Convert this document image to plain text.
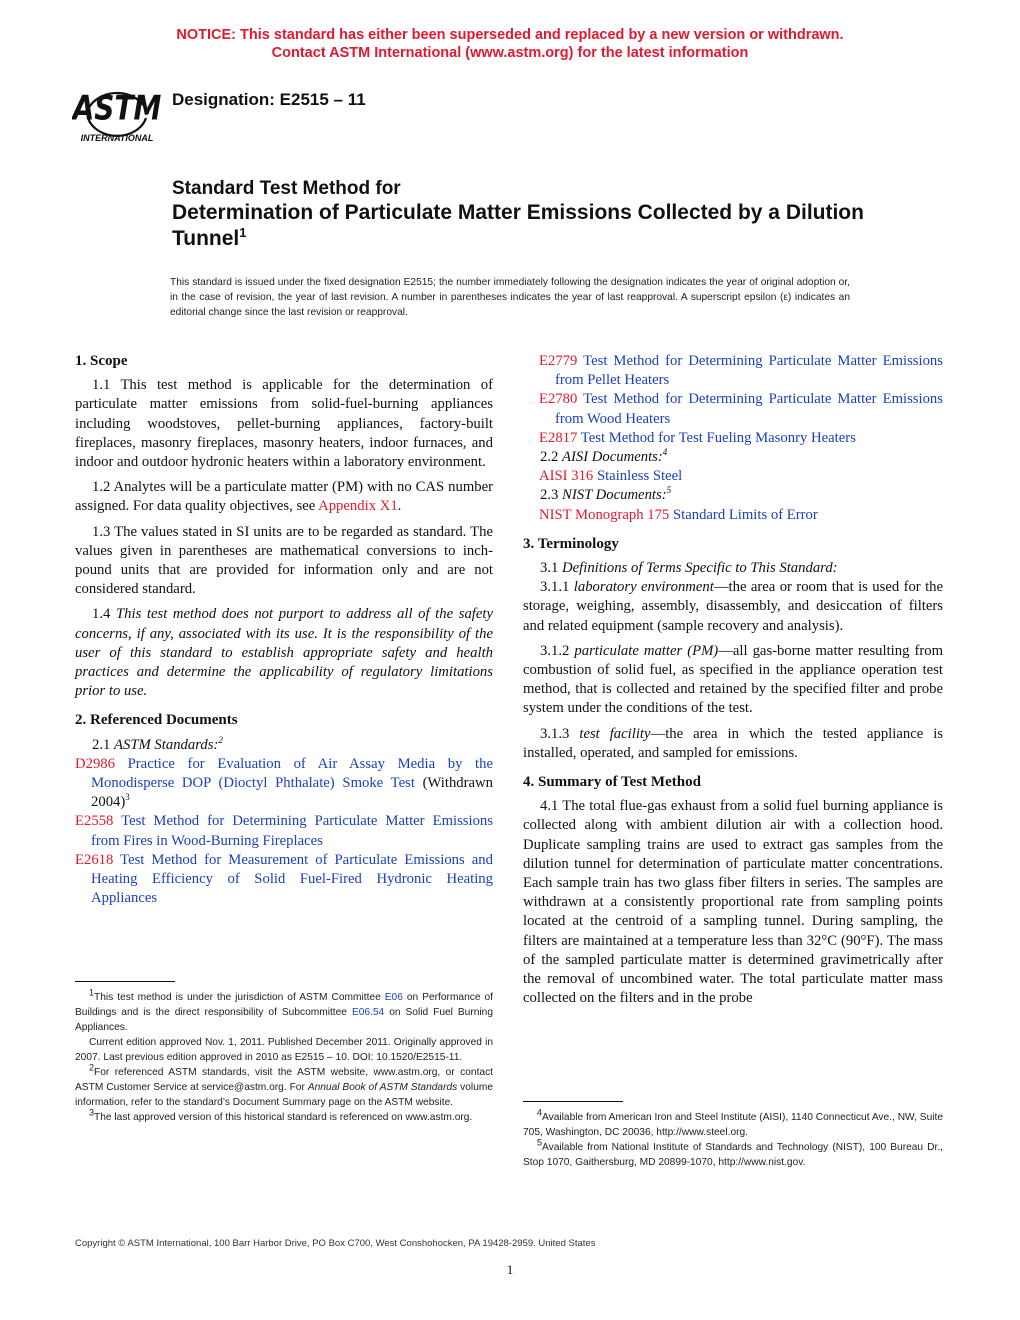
NOTICE: This standard has either been superseded and replaced by a new version or withdrawn.
Contact ASTM International (www.astm.org) for the latest information
ASTM
INTERNATIONAL
Designation: E2515 – 11
Standard Test Method for
Determination of Particulate Matter Emissions Collected by a Dilution Tunnel$^1$
This standard is issued under the fixed designation E2515; the number immediately following the designation indicates the year of original adoption or, in the case of revision, the year of last revision. A number in parentheses indicates the year of last reapproval. A superscript epsilon (ε) indicates an editorial change since the last revision or reapproval.
1. Scope

1.1 This test method is applicable for the determination of particulate matter emissions from solid-fuel-burning appliances including woodstoves, pellet-burning appliances, factory-built fireplaces, masonry fireplaces, masonry heaters, indoor furnaces, and indoor and outdoor hydronic heaters within a laboratory environment.

1.2 Analytes will be a particulate matter (PM) with no CAS number assigned. For data quality objectives, see Appendix X1.

1.3 The values stated in SI units are to be regarded as standard. The values given in parentheses are mathematical conversions to inch-pound units that are provided for information only and are not considered standard.

1.4 This test method does not purport to address all of the safety concerns, if any, associated with its use. It is the responsibility of the user of this standard to establish appropriate safety and health practices and determine the applicability of regulatory limitations prior to use.

2. Referenced Documents

2.1 ASTM Standards:$^2$

D2986 Practice for Evaluation of Air Assay Media by the Monodisperse DOP (Dioctyl Phthalate) Smoke Test (Withdrawn 2004)$^3$

E2558 Test Method for Determining Particulate Matter Emissions from Fires in Wood-Burning Fireplaces

E2618 Test Method for Measurement of Particulate Emissions and Heating Efficiency of Solid Fuel-Fired Hydronic Heating Appliances

$^1$This test method is under the jurisdiction of ASTM Committee E06 on Performance of Buildings and is the direct responsibility of Subcommittee E06.54 on Solid Fuel Burning Appliances.

Current edition approved Nov. 1, 2011. Published December 2011. Originally approved in 2007. Last previous edition approved in 2010 as E2515 – 10. DOI: 10.1520/E2515-11.

$^2$For referenced ASTM standards, visit the ASTM website, www.astm.org, or contact ASTM Customer Service at service@astm.org. For Annual Book of ASTM Standards volume information, refer to the standard’s Document Summary page on the ASTM website.

$^3$The last approved version of this historical standard is referenced on www.astm.org.

E2779 Test Method for Determining Particulate Matter Emissions from Pellet Heaters

E2780 Test Method for Determining Particulate Matter Emissions from Wood Heaters

E2817 Test Method for Test Fueling Masonry Heaters

2.2 AISI Documents:$^4$

AISI 316 Stainless Steel

2.3 NIST Documents:$^5$

NIST Monograph 175 Standard Limits of Error

3. Terminology

3.1 Definitions of Terms Specific to This Standard:

3.1.1 laboratory environment—the area or room that is used for the storage, weighing, assembly, disassembly, and desiccation of filters and related equipment (sample recovery and analysis).

3.1.2 particulate matter (PM)—all gas-borne matter resulting from combustion of solid fuel, as specified in the appliance operation test method, that is collected and retained by the specified filter and probe system under the conditions of the test.

3.1.3 test facility—the area in which the tested appliance is installed, operated, and sampled for emissions.

4. Summary of Test Method

4.1 The total flue-gas exhaust from a solid fuel burning appliance is collected along with ambient dilution air with a collection hood. Duplicate sampling trains are used to extract gas samples from the dilution tunnel for determination of particulate matter concentrations. Each sample train has two glass fiber filters in series. The samples are withdrawn at a consistently proportional rate from sampling points located at the centroid of a sampling tunnel. During sampling, the filters are maintained at a temperature less than 32°C (90°F). The mass of the sampled particulate matter is determined gravimetrically after the removal of uncombined water. The total particulate matter mass collected on the filters and in the probe

$^4$Available from American Iron and Steel Institute (AISI), 1140 Connecticut Ave., NW, Suite 705, Washington, DC 20036, http://www.steel.org.

$^5$Available from National Institute of Standards and Technology (NIST), 100 Bureau Dr., Stop 1070, Gaithersburg, MD 20899-1070, http://www.nist.gov.

Copyright © ASTM International, 100 Barr Harbor Drive, PO Box C700, West Conshohocken, PA 19428-2959. United States
1
